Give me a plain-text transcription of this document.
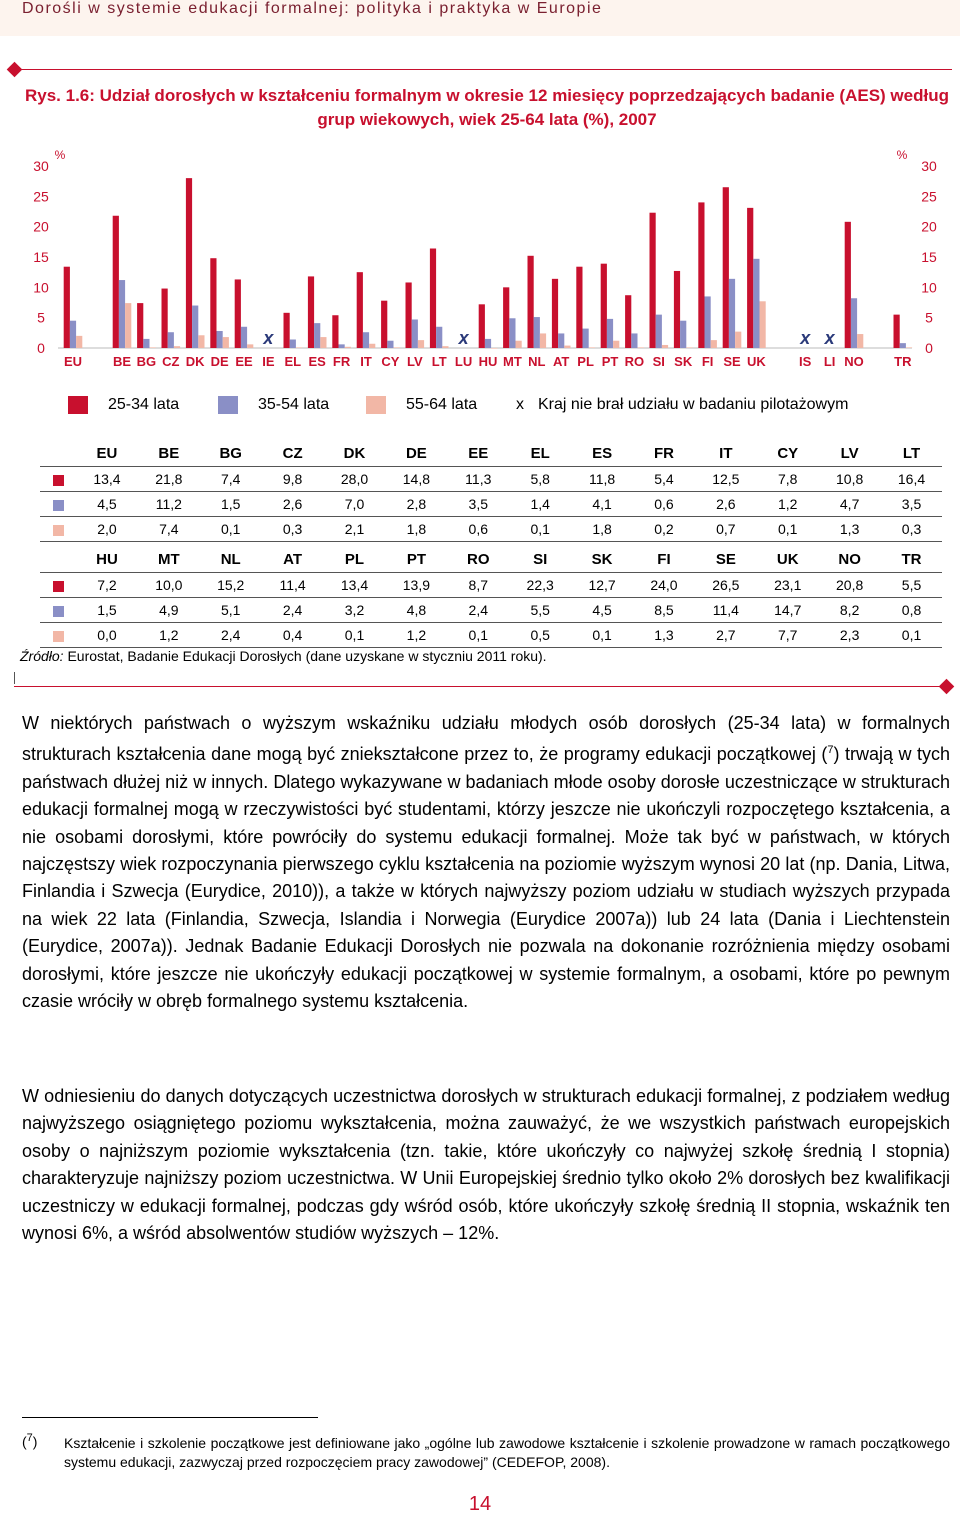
Dorośli w systemie edukacji formalnej: polityka i praktyka w Europie
Rys. 1.6: Udział dorosłych w kształceniu formalnym w okresie 12 miesięcy poprzedzających badanie (AES) według grup wiekowych, wiek 25-64 lata (%), 2007
0
5
10
15
20
25
30
%
0
5
10
15
20
25
30
%
x	x	x x
EU BE BG CZ DK DE EE IE EL ES FR IT CY LV LT LU HU MT NL AT PL PT RO SI SK FI SE UK	IS LI NO TR
25-34 lata	35-54 lata	55-64 lata x Kraj nie brał udziału w badaniu pilotażowym
	EU	BE	BG	CZ	DK	DE	EE	EL	ES	FR	IT	CY	LV	LT
	13,4	21,8	7,4	9,8	28,0	14,8	11,3	5,8	11,8	5,4	12,5	7,8	10,8	16,4
	4,5	11,2	1,5	2,6	7,0	2,8	3,5	1,4	4,1	0,6	2,6	1,2	4,7	3,5
	2,0	7,4	0,1	0,3	2,1	1,8	0,6	0,1	1,8	0,2	0,7	0,1	1,3	0,3

	HU	MT	NL	AT	PL	PT	RO	SI	SK	FI	SE	UK	NO	TR
	7,2	10,0	15,2	11,4	13,4	13,9	8,7	22,3	12,7	24,0	26,5	23,1	20,8	5,5
	1,5	4,9	5,1	2,4	3,2	4,8	2,4	5,5	4,5	8,5	11,4	14,7	8,2	0,8
	0,0	1,2	2,4	0,4	0,1	1,2	0,1	0,5	0,1	1,3	2,7	7,7	2,3	0,1
Źródło: Eurostat, Badanie Edukacji Dorosłych (dane uzyskane w styczniu 2011 roku).
W niektórych państwach o wyższym wskaźniku udziału młodych osób dorosłych (25-34 lata) w formalnych strukturach kształcenia dane mogą być zniekształcone przez to, że programy edukacji początkowej ($^7$) trwają w tych państwach dłużej niż w innych. Dlatego wykazywane w badaniach młode osoby dorosłe uczestniczące w strukturach edukacji formalnej mogą w rzeczywistości być studentami, którzy jeszcze nie ukończyli rozpoczętego kształcenia, a nie osobami dorosłymi, które powróciły do systemu edukacji formalnej. Może tak być w państwach, w których najczęstszy wiek rozpoczynania pierwszego cyklu kształcenia na poziomie wyższym wynosi 20 lat (np. Dania, Litwa, Finlandia i Szwecja (Eurydice, 2010)), a także w których najwyższy poziom udziału w studiach wyższych przypada na wiek 22 lata (Finlandia, Szwecja, Islandia i Norwegia (Eurydice 2007a)) lub 24 lata (Dania i Liechtenstein (Eurydice, 2007a)). Jednak Badanie Edukacji Dorosłych nie pozwala na dokonanie rozróżnienia między osobami dorosłymi, które jeszcze nie ukończyły edukacji początkowej w systemie formalnym, a osobami, które po pewnym czasie wróciły w obręb formalnego systemu kształcenia.
W odniesieniu do danych dotyczących uczestnictwa dorosłych w strukturach edukacji formalnej, z podziałem według najwyższego osiągniętego poziomu wykształcenia, można zauważyć, że we wszystkich państwach europejskich osoby o najniższym poziomie wykształcenia (tzn. takie, które ukończyły co najwyżej szkołę średnią I stopnia) charakteryzuje najniższy poziom uczestnictwa. W Unii Europejskiej średnio tylko około 2% dorosłych bez kwalifikacji uczestniczy w edukacji formalnej, podczas gdy wśród osób, które ukończyły szkołę średnią II stopnia, wskaźnik ten wynosi 6%, a wśród absolwentów studiów wyższych – 12%.
($^7$) Kształcenie i szkolenie początkowe jest definiowane jako „ogólne lub zawodowe kształcenie i szkolenie prowadzone w ramach początkowego systemu edukacji, zazwyczaj przed rozpoczęciem pracy zawodowej” (CEDEFOP, 2008).
14
